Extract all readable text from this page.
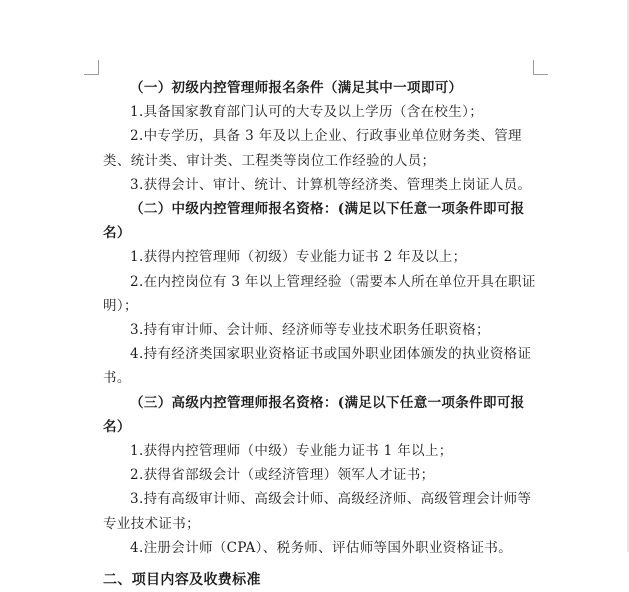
（一）初级内控管理师报名条件（满足其中一项即可）

1.具备国家教育部门认可的大专及以上学历（含在校生）；

2.中专学历，具备 3 年及以上企业、行政事业单位财务类、管理类、统计类、审计类、工程类等岗位工作经验的人员；

3.获得会计、审计、统计、计算机等经济类、管理类上岗证人员。

（二）中级内控管理师报名资格：(满足以下任意一项条件即可报名）

1.获得内控管理师（初级）专业能力证书 2 年及以上；

2.在内控岗位有 3 年以上管理经验（需要本人所在单位开具在职证明）；

3.持有审计师、会计师、经济师等专业技术职务任职资格；

4.持有经济类国家职业资格证书或国外职业团体颁发的执业资格证书。

（三）高级内控管理师报名资格：(满足以下任意一项条件即可报名）

1.获得内控管理师（中级）专业能力证书 1 年以上；

2.获得省部级会计（或经济管理）领军人才证书；

3.持有高级审计师、高级会计师、高级经济师、高级管理会计师等专业技术证书；

4.注册会计师（CPA）、税务师、评估师等国外职业资格证书。

二、项目内容及收费标准
